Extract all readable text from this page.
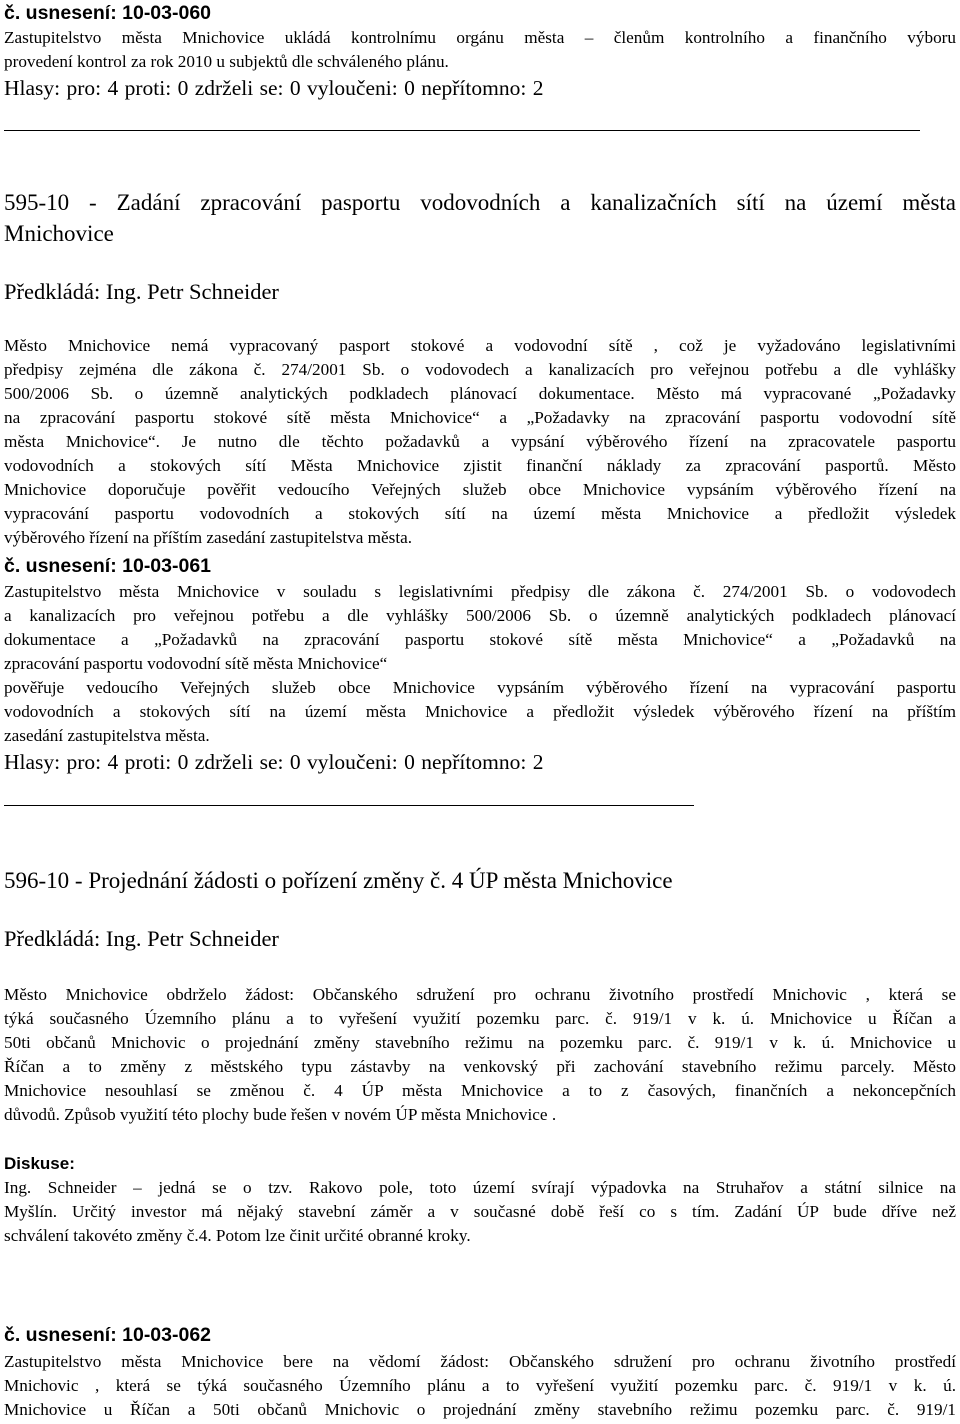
č. usnesení: 10-03-060
Zastupitelstvo města Mnichovice ukládá kontrolnímu orgánu města – členům kontrolního a finančního výboru
provedení kontrol za rok 2010 u subjektů dle schváleného plánu.
Hlasy: pro: 4 proti: 0 zdrželi se: 0 vyloučeni: 0 nepřítomno: 2
595-10 - Zadání zpracování pasportu vodovodních a kanalizačních sítí na území města
Mnichovice
Předkládá: Ing. Petr Schneider
Město Mnichovice nemá vypracovaný pasport stokové a vodovodní sítě , což je vyžadováno legislativními
předpisy zejména dle zákona č. 274/2001 Sb. o vodovodech a kanalizacích pro veřejnou potřebu a dle vyhlášky
500/2006 Sb. o územně analytických podkladech plánovací dokumentace. Město má vypracované „Požadavky
na zpracování pasportu stokové sítě města Mnichovice“ a „Požadavky na zpracování pasportu vodovodní sítě
města Mnichovice“. Je nutno dle těchto požadavků a vypsání výběrového řízení na zpracovatele pasportu
vodovodních a stokových sítí Města Mnichovice zjistit finanční náklady za zpracování pasportů. Město
Mnichovice doporučuje pověřit vedoucího Veřejných služeb obce Mnichovice vypsáním výběrového řízení na
vypracování pasportu vodovodních a stokových sítí na území města Mnichovice a předložit výsledek
výběrového řízení na příštím zasedání zastupitelstva města.
č. usnesení: 10-03-061
Zastupitelstvo města Mnichovice v souladu s legislativními předpisy dle zákona č. 274/2001 Sb. o vodovodech
a kanalizacích pro veřejnou potřebu a dle vyhlášky 500/2006 Sb. o územně analytických podkladech plánovací
dokumentace a „Požadavků na zpracování pasportu stokové sítě města Mnichovice“ a „Požadavků na
zpracování pasportu vodovodní sítě města Mnichovice“
pověřuje vedoucího Veřejných služeb obce Mnichovice vypsáním výběrového řízení na vypracování pasportu
vodovodních a stokových sítí na území města Mnichovice a předložit výsledek výběrového řízení na příštím
zasedání zastupitelstva města.
Hlasy: pro: 4 proti: 0 zdrželi se: 0 vyloučeni: 0 nepřítomno: 2
596-10 - Projednání žádosti o pořízení změny č. 4 ÚP města Mnichovice
Předkládá: Ing. Petr Schneider
Město Mnichovice obdrželo žádost: Občanského sdružení pro ochranu životního prostředí Mnichovic , která se
týká současného Územního plánu a to vyřešení využití pozemku parc. č. 919/1 v k. ú. Mnichovice u Říčan a
50ti občanů Mnichovic o projednání změny stavebního režimu na pozemku parc. č. 919/1 v k. ú. Mnichovice u
Říčan a to změny z městského typu zástavby na venkovský při zachování stavebního režimu parcely. Město
Mnichovice nesouhlasí se změnou č. 4 ÚP města Mnichovice a to z časových, finančních a nekoncepčních
důvodů. Způsob využití této plochy bude řešen v novém ÚP města Mnichovice .
Diskuse:
Ing. Schneider – jedná se o tzv. Rakovo pole, toto území svírají výpadovka na Struhařov a státní silnice na
Myšlín. Určitý investor má nějaký stavební záměr a v současné době řeší co s tím. Zadání ÚP bude dříve než
schválení takovéto změny č.4. Potom lze činit určité obranné kroky.
č. usnesení: 10-03-062
Zastupitelstvo města Mnichovice bere na vědomí žádost: Občanského sdružení pro ochranu životního prostředí
Mnichovic , která se týká současného Územního plánu a to vyřešení využití pozemku parc. č. 919/1 v k. ú.
Mnichovice u Říčan a 50ti občanů Mnichovic o projednání změny stavebního režimu pozemku parc. č. 919/1
